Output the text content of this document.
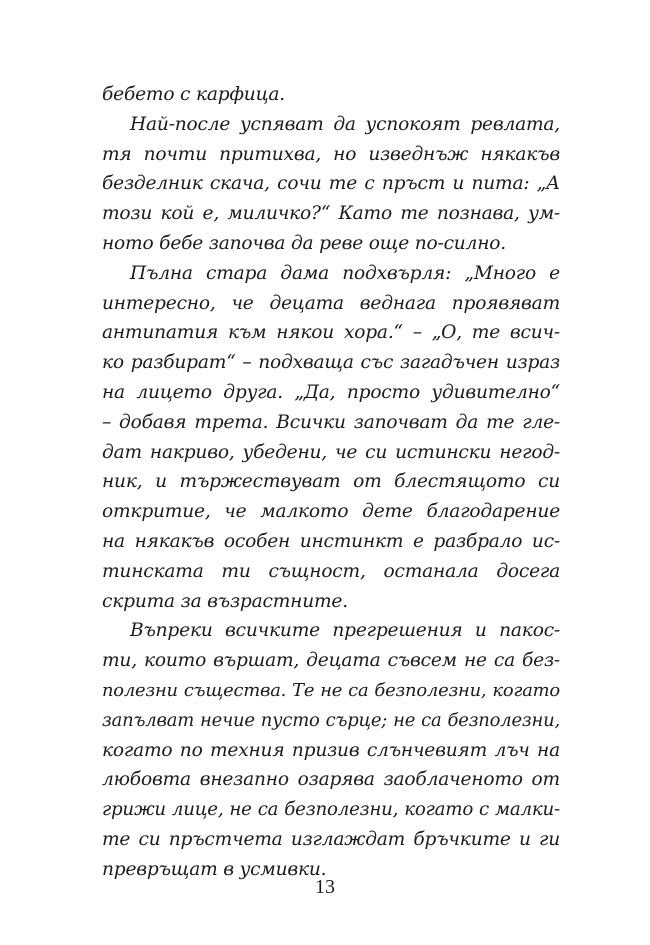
бебето с карфица.
Най-после успяват да успокоят ревлата,
тя почти притихва, но изведнъж някакъв
безделник скача, сочи те с пръст и пита: „А
този кой е, миличко?“ Като те познава, ум-
ното бебе започва да реве още по-силно.
Пълна стара дама подхвърля: „Много е
интересно, че децата веднага проявяват
антипатия към някои хора.“ – „О, те всич-
ко разбират“ – подхваща със загадъчен израз
на лицето друга. „Да, просто удивително“
– добавя трета. Всички започват да те гле-
дат накриво, убедени, че си истински негод-
ник, и тържествуват от блестящото си
откритие, че малкото дете благодарение
на някакъв особен инстинкт е разбрало ис-
тинската ти същност, останала досега
скрита за възрастните.
Въпреки всичките прегрешения и пакос-
ти, които вършат, децата съвсем не са без-
полезни същества. Те не са безполезни, когато
запълват нечие пусто сърце; не са безполезни,
когато по техния призив слънчевият лъч на
любовта внезапно озарява заоблаченото от
грижи лице, не са безполезни, когато с малки-
те си пръстчета изглаждат бръчките и ги
превръщат в усмивки.
13
